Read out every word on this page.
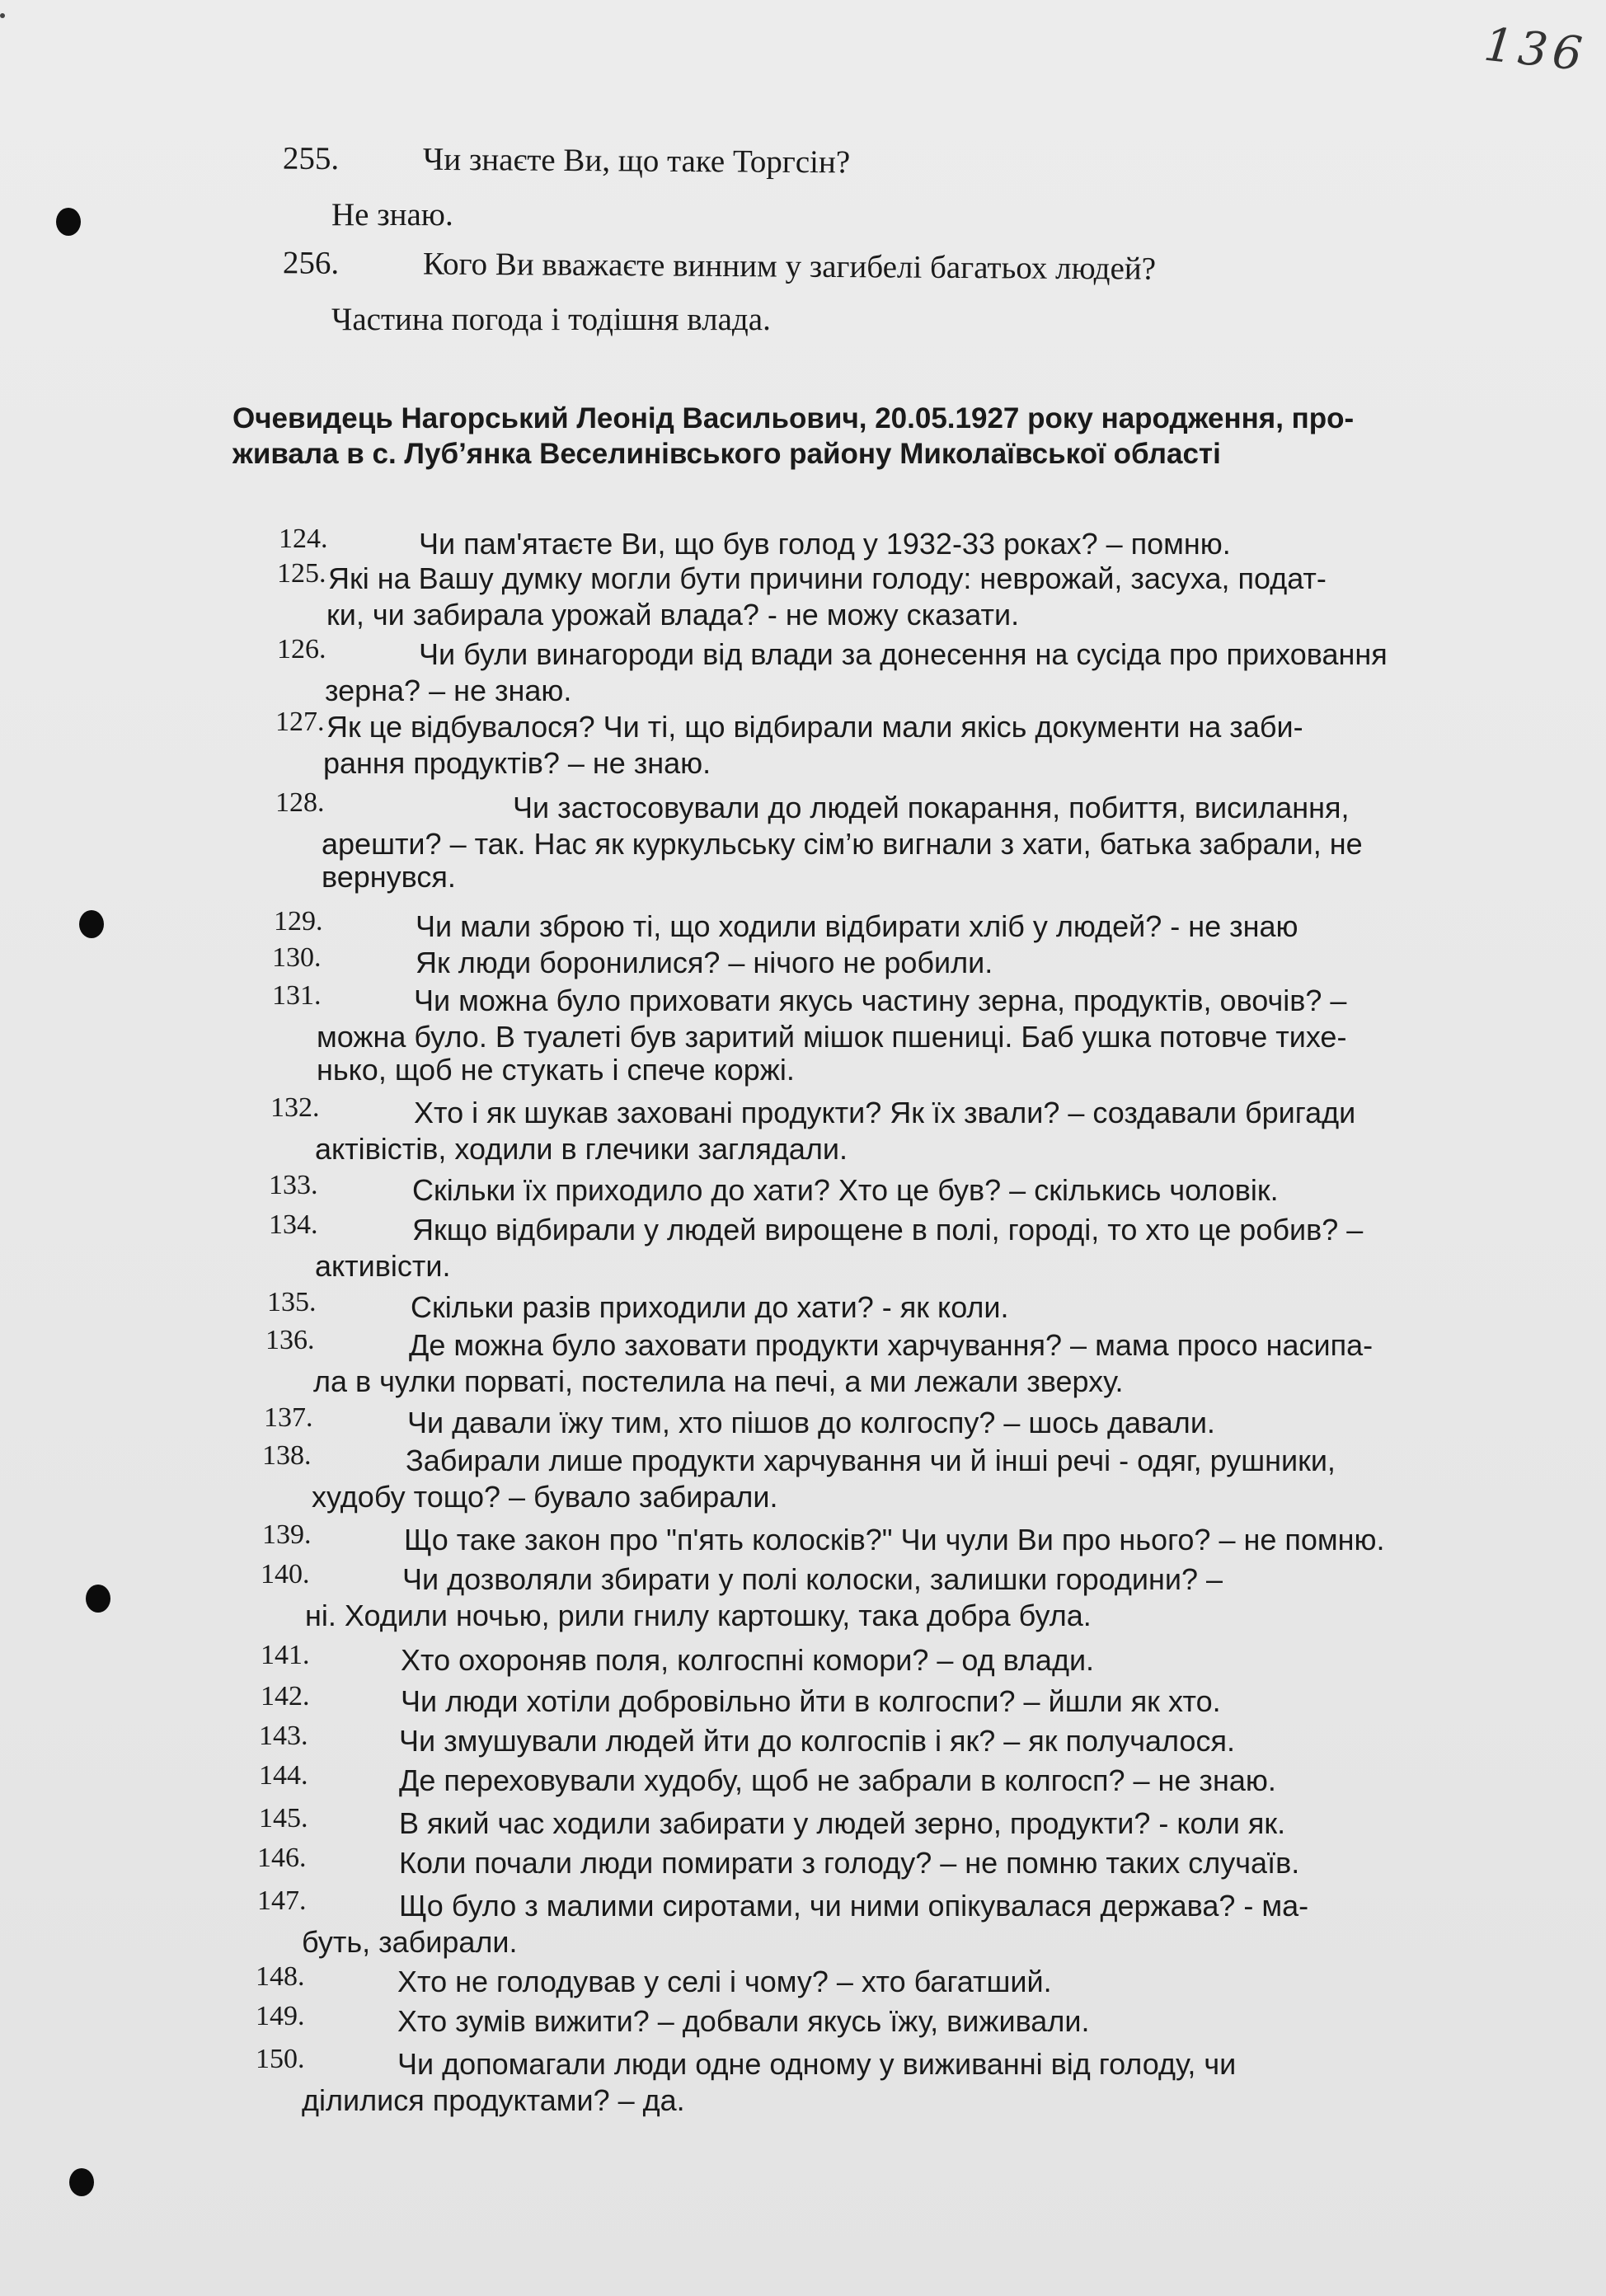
136
255.	Чи знаєте Ви, що таке Торгсін?
Не знаю.
256.	Кого Ви вважаєте винним у загибелі багатьох людей?
Частина погода і тодішня влада.
Очевидець Нагорський Леонід Васильович, 20.05.1927 року народження, про-
живала в с. Луб’янка Веселинівського району Миколаївської області
124.	Чи пам'ятаєте Ви, що був голод у 1932-33 роках? – помню.
125. Які на Вашу думку могли бути причини голоду: неврожай, засуха, подат-
ки, чи забирала урожай влада? - не можу сказати.
126.	Чи були винагороди від влади за донесення на сусіда про приховання
зерна? – не знаю.
127. Як це відбувалося? Чи ті, що відбирали мали якісь документи на заби-
рання продуктів? – не знаю.
128.	Чи застосовували до людей покарання, побиття, висилання,
арешти? – так. Нас як куркульську сім’ю вигнали з хати, батька забрали, не
вернувся.
129.	Чи мали зброю ті, що ходили відбирати хліб у людей? - не знаю
130.	Як люди боронилися? – нічого не робили.
131.	Чи можна було приховати якусь частину зерна, продуктів, овочів? –
можна було. В туалеті був заритий мішок пшениці. Баб ушка потовче тихе-
нько, щоб не стукать і спече коржі.
132.	Хто і як шукав заховані продукти? Як їх звали? – создавали бригади
актівістів, ходили в глечики заглядали.
133.	Скільки їх приходило до хати? Хто це був? – скількись чоловік.
134.	Якщо відбирали у людей вирощене в полі, городі, то хто це робив? –
активісти.
135.	Скільки разів приходили до хати? - як коли.
136.	Де можна було заховати продукти харчування? – мама просо насипа-
ла в чулки порваті, постелила на печі, а ми лежали зверху.
137.	Чи давали їжу тим, хто пішов до колгоспу? – шось давали.
138.	Забирали лише продукти харчування чи й інші речі - одяг, рушники,
худобу тощо? – бувало забирали.
139.	Що таке закон про "п'ять колосків?" Чи чули Ви про нього? – не помню.
140.	Чи дозволяли збирати у полі колоски, залишки городини? –
ні. Ходили ночью, рили гнилу картошку, така добра була.
141.	Хто охороняв поля, колгоспні комори? – од влади.
142.	Чи люди хотіли добровільно йти в колгоспи? – йшли як хто.
143.	Чи змушували людей йти до колгоспів і як? – як получалося.
144.	Де переховували худобу, щоб не забрали в колгосп? – не знаю.
145.	В який час ходили забирати у людей зерно, продукти? - коли як.
146.	Коли почали люди помирати з голоду? – не помню таких случаїв.
147.	Що було з малими сиротами, чи ними опікувалася держава? - ма-
буть, забирали.
148.	Хто не голодував у селі і чому? – хто багатший.
149.	Хто зумів вижити? – добвали якусь їжу, виживали.
150.	Чи допомагали люди одне одному у виживанні від голоду, чи
ділилися продуктами? – да.
